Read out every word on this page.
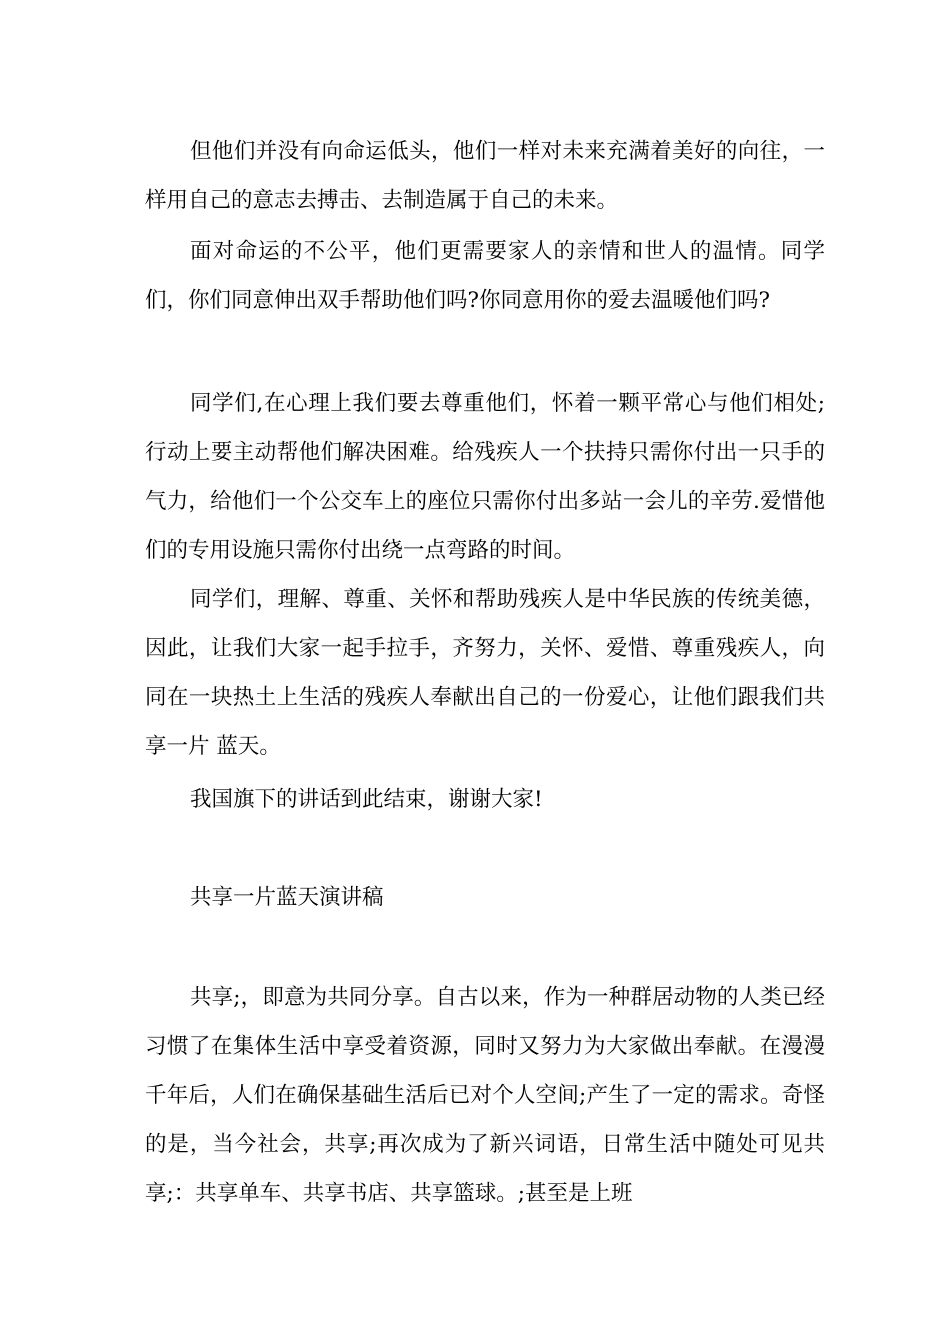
但他们并没有向命运低头，他们一样对未来充满着美好的向往，一样用自己的意志去搏击、去制造属于自己的未来。

面对命运的不公平，他们更需要家人的亲情和世人的温情。同学们，你们同意伸出双手帮助他们吗?你同意用你的爱去温暖他们吗?

同学们,在心理上我们要去尊重他们，怀着一颗平常心与他们相处;行动上要主动帮他们解决困难。给残疾人一个扶持只需你付出一只手的气力，给他们一个公交车上的座位只需你付出多站一会儿的辛劳.爱惜他们的专用设施只需你付出绕一点弯路的时间。

同学们，理解、尊重、关怀和帮助残疾人是中华民族的传统美德，因此，让我们大家一起手拉手，齐努力，关怀、爱惜、尊重残疾人，向同在一块热土上生活的残疾人奉献出自己的一份爱心，让他们跟我们共享一片 蓝天。

我国旗下的讲话到此结束，谢谢大家!

共享一片蓝天演讲稿

共享;，即意为共同分享。自古以来，作为一种群居动物的人类已经习惯了在集体生活中享受着资源，同时又努力为大家做出奉献。在漫漫千年后，人们在确保基础生活后已对个人空间;产生了一定的需求。奇怪的是，当今社会，共享;再次成为了新兴词语，日常生活中随处可见共享;：共享单车、共享书店、共享篮球。;甚至是上班
